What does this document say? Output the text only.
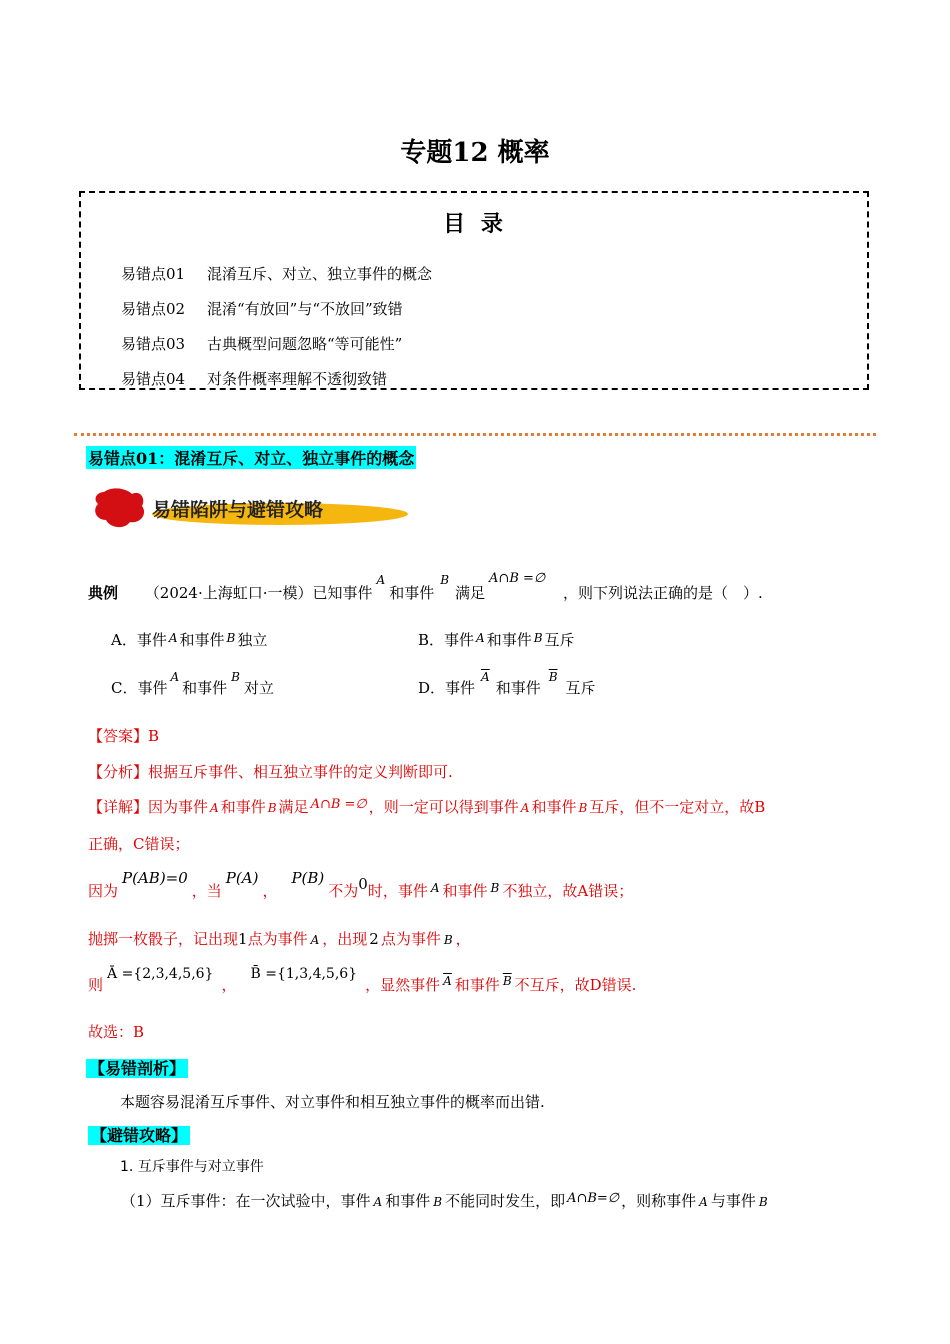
专题12 概率
目 录
易错点01 混淆互斥、对立、独立事件的概念
易错点02 混淆“有放回”与“不放回”致错
易错点03 古典概型问题忽略“等可能性”
易错点04 对条件概率理解不透彻致错
易错点01：混淆互斥、对立、独立事件的概念
易错陷阱与避错攻略
典例 （2024·上海虹口·一模）已知事件$^A$和事件$^B$满足A∩B =∅，则下列说法正确的是（　）.
A．事件 $^A$ 和事件 $^B$ 独立	B．事件 $^A$ 和事件 $^B$ 互斥
C．事件$^A$和事件$^B$对立	D．事件$^{\overline{A}}$和事件$^{\overline{B}}$互斥
【答案】B
【分析】根据互斥事件、相互独立事件的定义判断即可.
【详解】因为事件 A 和事件 B 满足 A∩B =∅ ，则一定可以得到事件 A 和事件 B 互斥，但不一定对立，故B
正确，C错误；
因为P(AB)=0，当P(A)，P(B)不为0时，事件 $^A$ 和事件 $^B$ 不独立，故A错误；
抛掷一枚骰子，记出现1点为事件 A ，出现 2 点为事件 B ，
则Ā ={2,3,4,5,6}，B̄ ={1,3,4,5,6}，显然事件 $^{\overline{A}}$ 和事件 $^{\overline{B}}$ 不互斥，故D错误.
故选：B
【易错剖析】
本题容易混淆互斥事件、对立事件和相互独立事件的概率而出错.
【避错攻略】
1. 互斥事件与对立事件
（1）互斥事件：在一次试验中，事件 A 和事件 B 不能同时发生，即 A∩B=∅ ，则称事件 A 与事件 B
